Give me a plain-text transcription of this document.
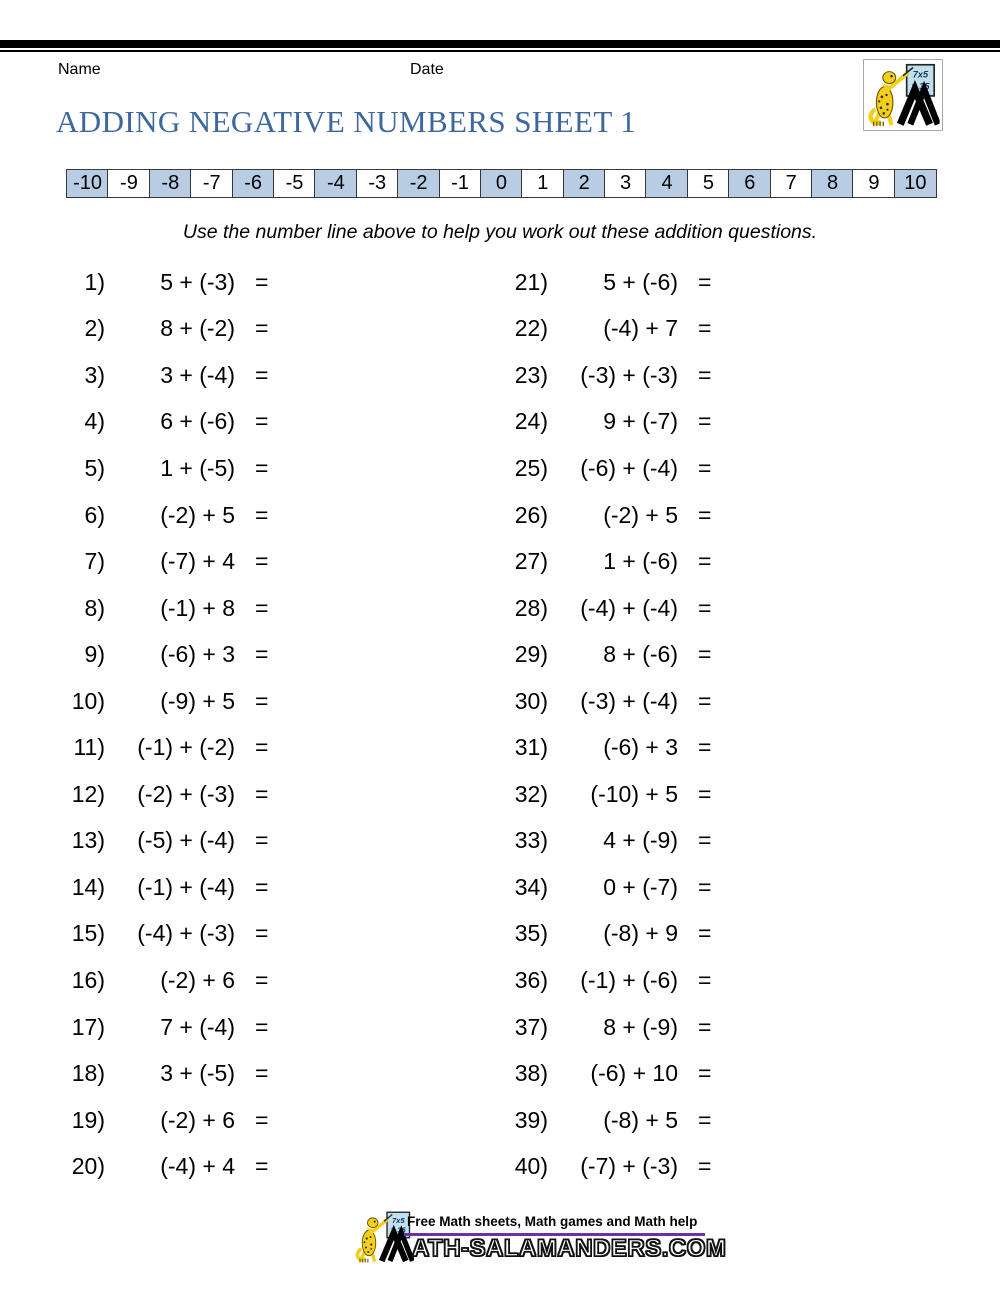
Name	Date
ADDING NEGATIVE NUMBERS SHEET 1
-10 -9	-8	-7	-6	-5	-4	-3	-2	-1	0	1	2	3	4	5	6	7	8	9	10
Use the number line above to help you work out these addition questions.
1)	5 + (-3) =
2)	8 + (-2) =
3)	3 + (-4) =
4)	6 + (-6) =
5)	1 + (-5) =
6)	(-2) + 5 =
7)	(-7) + 4 =
8)	(-1) + 8 =
9)	(-6) + 3 =
10)	(-9) + 5 =
11)	(-1) + (-2) =
12)	(-2) + (-3) =
13)	(-5) + (-4) =
14)	(-1) + (-4) =
15)	(-4) + (-3) =
16)	(-2) + 6 =
17)	7 + (-4) =
18)	3 + (-5) =
19)	(-2) + 6 =
20)	(-4) + 4 =
21)	5 + (-6) =
22)	(-4) + 7 =
23)	(-3) + (-3) =
24)	9 + (-7) =
25)	(-6) + (-4) =
26)	(-2) + 5 =
27)	1 + (-6) =
28)	(-4) + (-4) =
29)	8 + (-6) =
30)	(-3) + (-4) =
31)	(-6) + 3 =
32)	(-10) + 5 =
33)	4 + (-9) =
34)	0 + (-7) =
35)	(-8) + 9 =
36)	(-1) + (-6) =
37)	8 + (-9) =
38)	(-6) + 10 =
39)	(-8) + 5 =
40)	(-7) + (-3) =
Free Math sheets, Math games and Math help
ATH-SALAMANDERS.COM
